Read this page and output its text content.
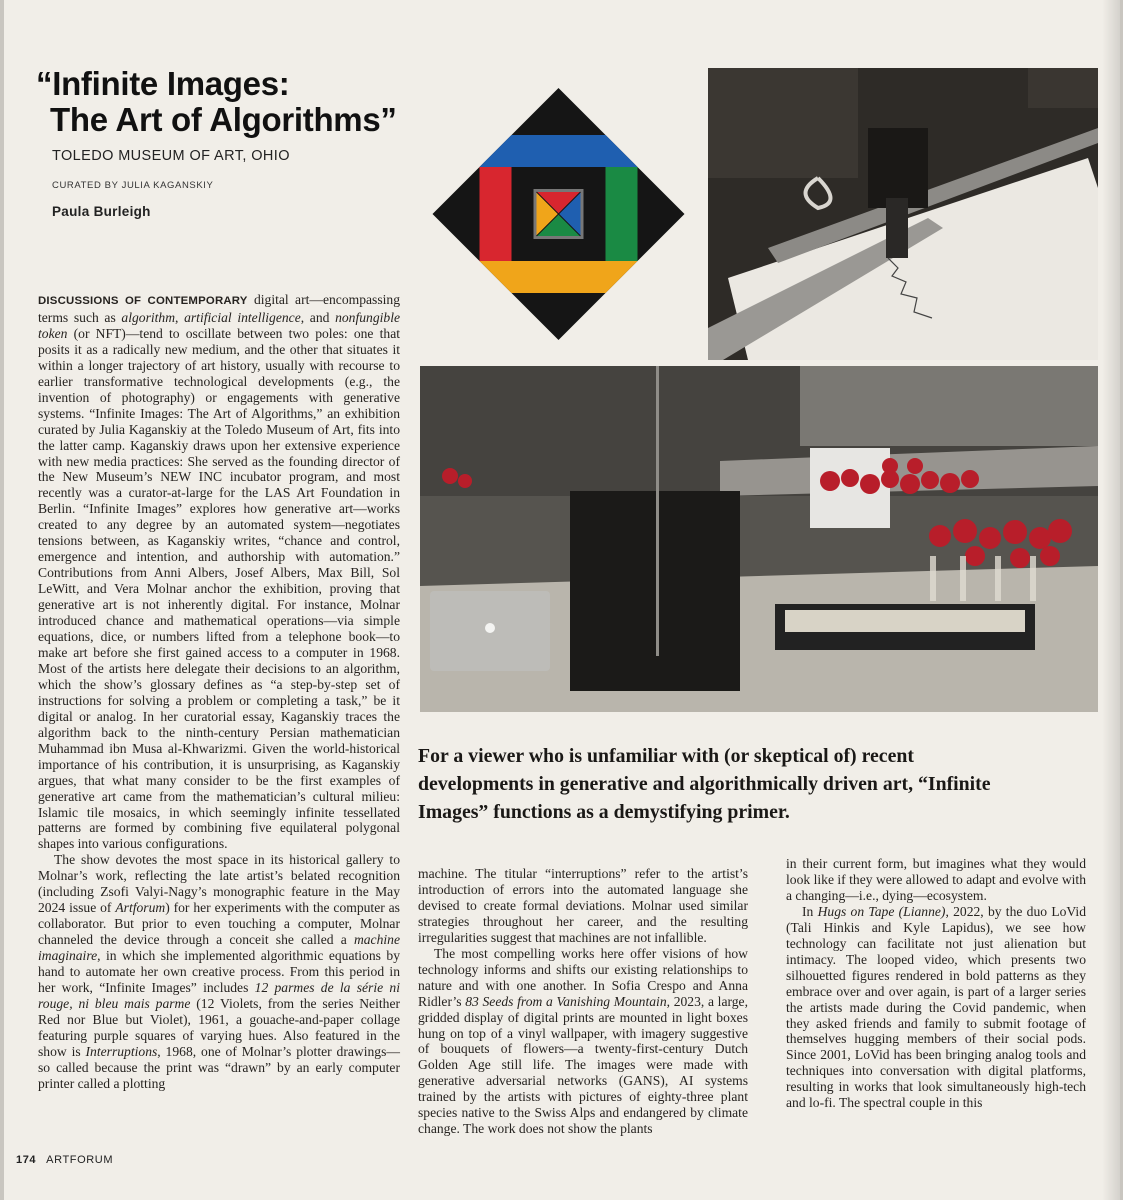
“Infinite Images:
The Art of Algorithms”
TOLEDO MUSEUM OF ART, OHIO
CURATED BY JULIA KAGANSKIY
Paula Burleigh

DISCUSSIONS OF CONTEMPORARY digital art—encompassing terms such as algorithm, artificial intelligence, and nonfungible token (or NFT)—tend to oscillate between two poles: one that posits it as a radically new medium, and the other that situates it within a longer trajectory of art history, usually with recourse to earlier transformative technological developments (e.g., the invention of photography) or engagements with generative systems. “Infinite Images: The Art of Algorithms,” an exhibition curated by Julia Kaganskiy at the Toledo Museum of Art, fits into the latter camp. Kaganskiy draws upon her extensive experience with new media practices: She served as the founding director of the New Museum’s NEW INC incubator program, and most recently was a curator-at-large for the LAS Art Foundation in Berlin. “Infinite Images” explores how generative art—works created to any degree by an automated system—negotiates tensions between, as Kaganskiy writes, “chance and control, emergence and intention, and authorship with automation.” Contributions from Anni Albers, Josef Albers, Max Bill, Sol LeWitt, and Vera Molnar anchor the exhibition, proving that generative art is not inherently digital. For instance, Molnar introduced chance and mathematical operations—via simple equations, dice, or numbers lifted from a telephone book—to make art before she first gained access to a computer in 1968. Most of the artists here delegate their decisions to an algorithm, which the show’s glossary defines as “a step-by-step set of instructions for solving a problem or completing a task,” be it digital or analog. In her curatorial essay, Kaganskiy traces the algorithm back to the ninth-century Persian mathematician Muhammad ibn Musa al-Khwarizmi. Given the world-historical importance of his contribution, it is unsurprising, as Kaganskiy argues, that what many consider to be the first examples of generative art came from the mathematician’s cultural milieu: Islamic tile mosaics, in which seemingly infinite tessellated patterns are formed by combining five equilateral polygonal shapes into various configurations.

The show devotes the most space in its historical gallery to Molnar’s work, reflecting the late artist’s belated recognition (including Zsofi Valyi-Nagy’s monographic feature in the May 2024 issue of Artforum) for her experiments with the computer as collaborator. But prior to even touching a computer, Molnar channeled the device through a conceit she called a machine imaginaire, in which she implemented algorithmic equations by hand to automate her own creative process. From this period in her work, “Infinite Images” includes 12 parmes de la série ni rouge, ni bleu mais parme (12 Violets, from the series Neither Red nor Blue but Violet), 1961, a gouache-and-paper collage featuring purple squares of varying hues. Also featured in the show is Interruptions, 1968, one of Molnar’s plotter drawings—so called because the print was “drawn” by an early computer printer called a plotting

For a viewer who is unfamiliar with (or skeptical of) recent developments in generative and algorithmically driven art, “Infinite Images” functions as a demystifying primer.

machine. The titular “interruptions” refer to the artist’s introduction of errors into the automated language she devised to create formal deviations. Molnar used similar strategies throughout her career, and the resulting irregularities suggest that machines are not infallible.

The most compelling works here offer visions of how technology informs and shifts our existing relationships to nature and with one another. In Sofia Crespo and Anna Ridler’s 83 Seeds from a Vanishing Mountain, 2023, a large, gridded display of digital prints are mounted in light boxes hung on top of a vinyl wallpaper, with imagery suggestive of bouquets of flowers—a twenty-first-century Dutch Golden Age still life. The images were made with generative adversarial networks (GANS), AI systems trained by the artists with pictures of eighty-three plant species native to the Swiss Alps and endangered by climate change. The work does not show the plants

in their current form, but imagines what they would look like if they were allowed to adapt and evolve with a changing—i.e., dying—ecosystem.

In Hugs on Tape (Lianne), 2022, by the duo LoVid (Tali Hinkis and Kyle Lapidus), we see how technology can facilitate not just alienation but intimacy. The looped video, which presents two silhouetted figures rendered in bold patterns as they embrace over and over again, is part of a larger series the artists made during the Covid pandemic, when they asked friends and family to submit footage of themselves hugging members of their social pods. Since 2001, LoVid has been bringing analog tools and techniques into conversation with digital platforms, resulting in works that look simultaneously high-tech and lo-fi. The spectral couple in this

174 ARTFORUM
